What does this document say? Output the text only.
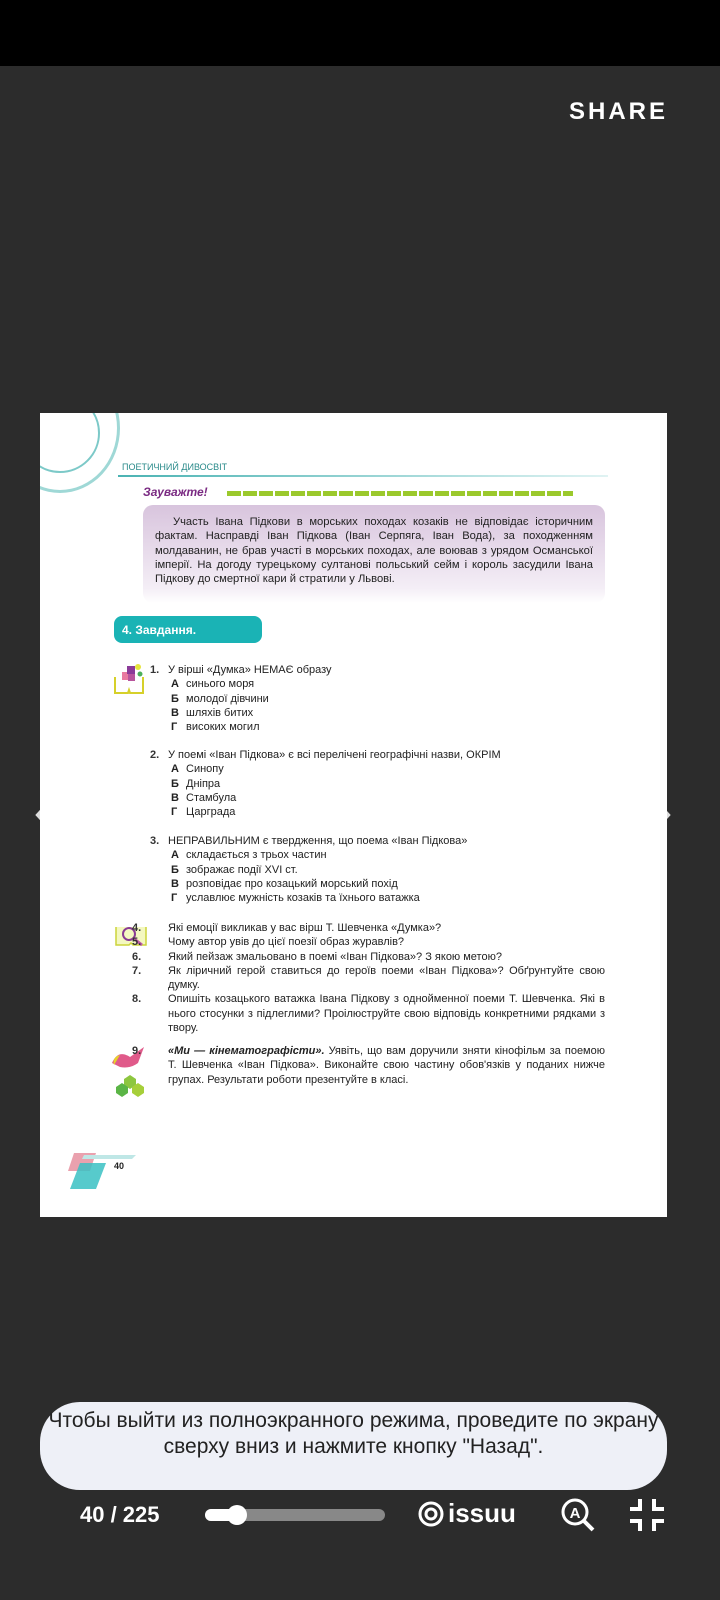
SHARE
ПОЕТИЧНИЙ ДИВОСВІТ
Зауважте!
Участь Івана Підкови в морських походах козаків не відповідає історичним фактам. Насправді Іван Підкова (Іван Серпяга, Іван Вода), за походженням молдаванин, не брав участі в морських походах, але воював з урядом Османської імперії. На догоду турецькому султанові польський сейм і король засудили Івана Підкову до смертної кари й стратили у Львові.
4. Завдання.
1. У вірші «Думка» НЕМАЄ образу
А синього моря
Б молодої дівчини
В шляхів битих
Г високих могил
2. У поемі «Іван Підкова» є всі перелічені географічні назви, ОКРІМ
А Синопу
Б Дніпра
В Стамбула
Г Царграда
3. НЕПРАВИЛЬНИМ є твердження, що поема «Іван Підкова»
А складається з трьох частин
Б зображає події XVI ст.
В розповідає про козацький морський похід
Г уславлює мужність козаків та їхнього ватажка
4. Які емоції викликав у вас вірш Т. Шевченка «Думка»?
5. Чому автор увів до цієї поезії образ журавлів?
6. Який пейзаж змальовано в поемі «Іван Підкова»? З якою метою?
7. Як ліричний герой ставиться до героїв поеми «Іван Підкова»? Обґрунтуйте свою думку.
8. Опишіть козацького ватажка Івана Підкову з однойменної поеми Т. Шевченка. Які в нього стосунки з підлеглими? Проілюструйте свою відповідь конкретними рядками з твору.
9. «Ми — кінематографісти». Уявіть, що вам доручили зняти кінофільм за поемою Т. Шевченка «Іван Підкова». Виконайте свою частину обов'язків у поданих нижче групах. Результати роботи презентуйте в класі.
40
Чтобы выйти из полноэкранного режима, проведите по экрану сверху вниз и нажмите кнопку "Назад".
40 / 225	issuu	A
